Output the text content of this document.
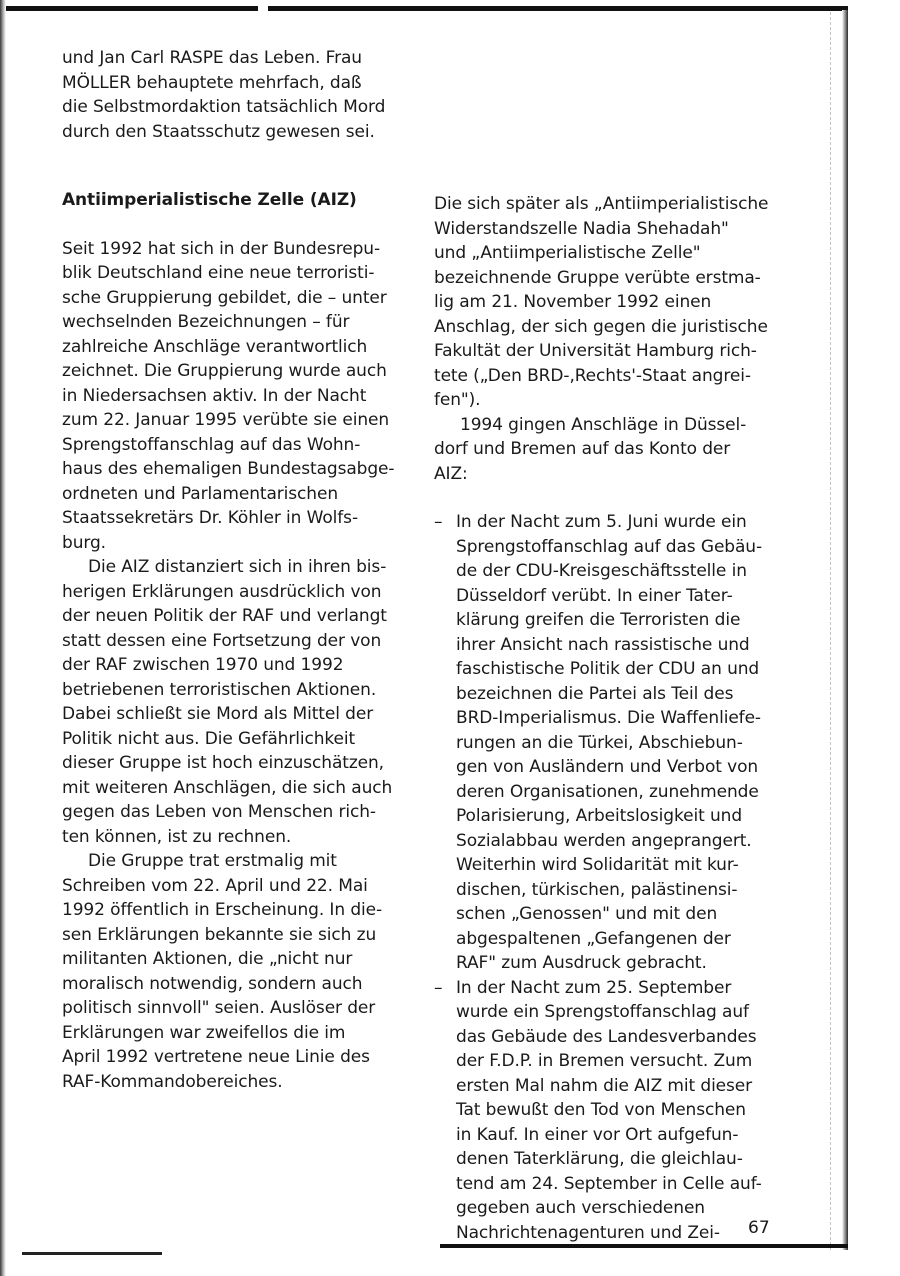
und Jan Carl RASPE das Leben. Frau
MÖLLER behauptete mehrfach, daß
die Selbstmordaktion tatsächlich Mord
durch den Staatsschutz gewesen sei.
Antiimperialistische Zelle (AIZ)
Seit 1992 hat sich in der Bundesrepu-
blik Deutschland eine neue terroristi-
sche Gruppierung gebildet, die – unter
wechselnden Bezeichnungen – für
zahlreiche Anschläge verantwortlich
zeichnet. Die Gruppierung wurde auch
in Niedersachsen aktiv. In der Nacht
zum 22. Januar 1995 verübte sie einen
Sprengstoffanschlag auf das Wohn-
haus des ehemaligen Bundestagsabge-
ordneten und Parlamentarischen
Staatssekretärs Dr. Köhler in Wolfs-
burg.
Die AIZ distanziert sich in ihren bis-
herigen Erklärungen ausdrücklich von
der neuen Politik der RAF und verlangt
statt dessen eine Fortsetzung der von
der RAF zwischen 1970 und 1992
betriebenen terroristischen Aktionen.
Dabei schließt sie Mord als Mittel der
Politik nicht aus. Die Gefährlichkeit
dieser Gruppe ist hoch einzuschätzen,
mit weiteren Anschlägen, die sich auch
gegen das Leben von Menschen rich-
ten können, ist zu rechnen.
Die Gruppe trat erstmalig mit
Schreiben vom 22. April und 22. Mai
1992 öffentlich in Erscheinung. In die-
sen Erklärungen bekannte sie sich zu
militanten Aktionen, die „nicht nur
moralisch notwendig, sondern auch
politisch sinnvoll" seien. Auslöser der
Erklärungen war zweifellos die im
April 1992 vertretene neue Linie des
RAF-Kommandobereiches.
Die sich später als „Antiimperialistische
Widerstandszelle Nadia Shehadah"
und „Antiimperialistische Zelle"
bezeichnende Gruppe verübte erstma-
lig am 21. November 1992 einen
Anschlag, der sich gegen die juristische
Fakultät der Universität Hamburg rich-
tete („Den BRD-‚Rechts'-Staat angrei-
fen").
1994 gingen Anschläge in Düssel-
dorf und Bremen auf das Konto der
AIZ:
– In der Nacht zum 5. Juni wurde ein
Sprengstoffanschlag auf das Gebäu-
de der CDU-Kreisgeschäftsstelle in
Düsseldorf verübt. In einer Tater-
klärung greifen die Terroristen die
ihrer Ansicht nach rassistische und
faschistische Politik der CDU an und
bezeichnen die Partei als Teil des
BRD-Imperialismus. Die Waffenliefe-
rungen an die Türkei, Abschiebun-
gen von Ausländern und Verbot von
deren Organisationen, zunehmende
Polarisierung, Arbeitslosigkeit und
Sozialabbau werden angeprangert.
Weiterhin wird Solidarität mit kur-
dischen, türkischen, palästinensi-
schen „Genossen" und mit den
abgespaltenen „Gefangenen der
RAF" zum Ausdruck gebracht.
– In der Nacht zum 25. September
wurde ein Sprengstoffanschlag auf
das Gebäude des Landesverbandes
der F.D.P. in Bremen versucht. Zum
ersten Mal nahm die AIZ mit dieser
Tat bewußt den Tod von Menschen
in Kauf. In einer vor Ort aufgefun-
denen Taterklärung, die gleichlau-
tend am 24. September in Celle auf-
gegeben auch verschiedenen
Nachrichtenagenturen und Zei-	67
